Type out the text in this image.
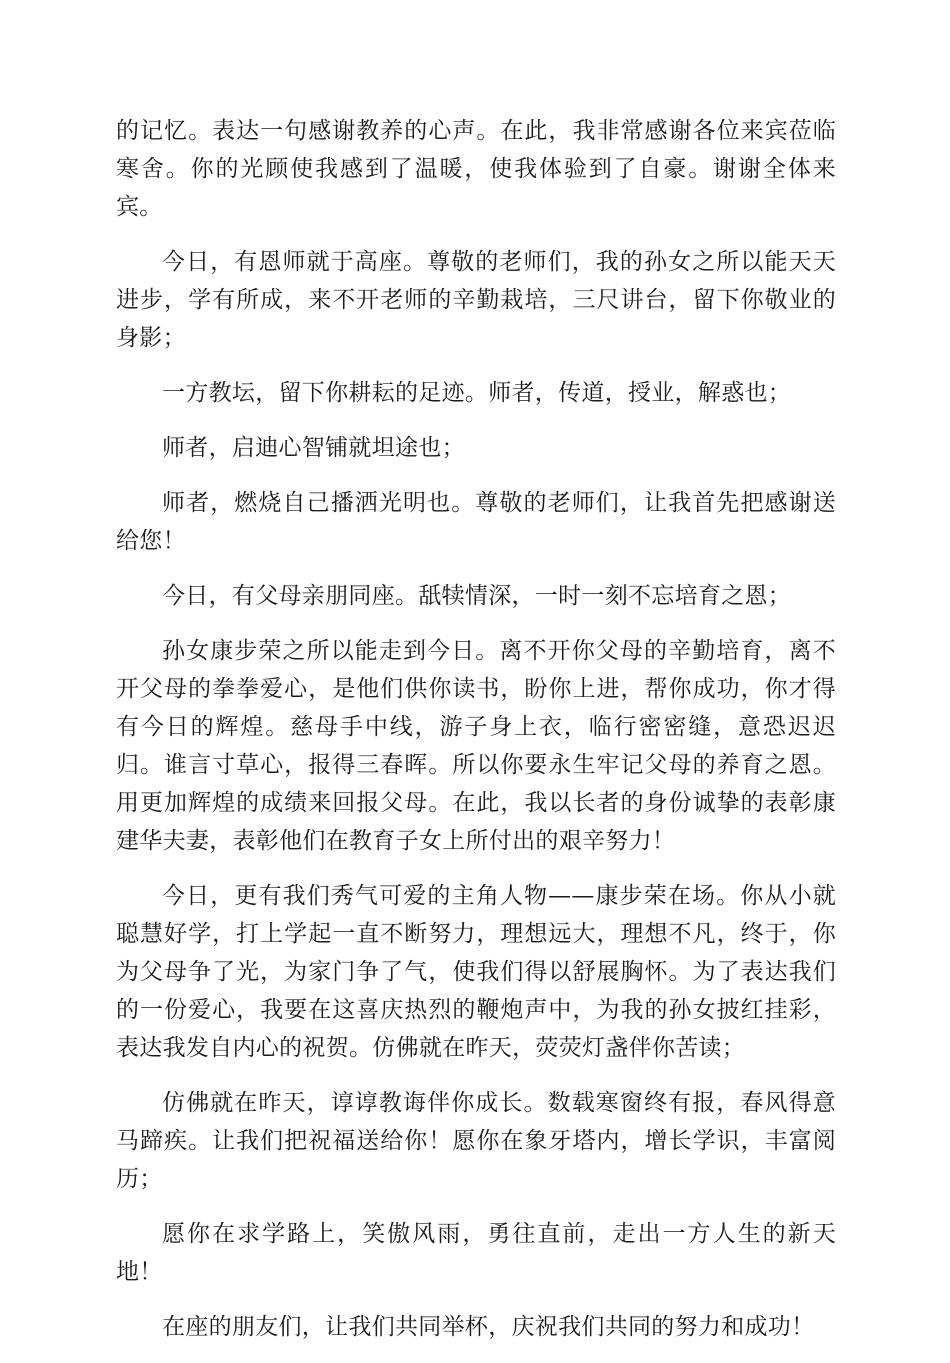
的记忆。表达一句感谢教养的心声。在此，我非常感谢各位来宾莅临寒舍。你的光顾使我感到了温暖，使我体验到了自豪。谢谢全体来宾。

今日，有恩师就于高座。尊敬的老师们，我的孙女之所以能天天进步，学有所成，来不开老师的辛勤栽培，三尺讲台，留下你敬业的身影；

一方教坛，留下你耕耘的足迹。师者，传道，授业，解惑也；

师者，启迪心智铺就坦途也；

师者，燃烧自己播洒光明也。尊敬的老师们，让我首先把感谢送给您！

今日，有父母亲朋同座。舐犊情深，一时一刻不忘培育之恩；

孙女康步荣之所以能走到今日。离不开你父母的辛勤培育，离不开父母的拳拳爱心，是他们供你读书，盼你上进，帮你成功，你才得有今日的辉煌。慈母手中线，游子身上衣，临行密密缝，意恐迟迟归。谁言寸草心，报得三春晖。所以你要永生牢记父母的养育之恩。用更加辉煌的成绩来回报父母。在此，我以长者的身份诚挚的表彰康建华夫妻，表彰他们在教育子女上所付出的艰辛努力！

今日，更有我们秀气可爱的主角人物——康步荣在场。你从小就聪慧好学，打上学起一直不断努力，理想远大，理想不凡，终于，你为父母争了光，为家门争了气，使我们得以舒展胸怀。为了表达我们的一份爱心，我要在这喜庆热烈的鞭炮声中，为我的孙女披红挂彩，表达我发自内心的祝贺。仿佛就在昨天，荧荧灯盏伴你苦读；

仿佛就在昨天，谆谆教诲伴你成长。数载寒窗终有报，春风得意马蹄疾。让我们把祝福送给你！愿你在象牙塔内，增长学识，丰富阅历；

愿你在求学路上，笑傲风雨，勇往直前，走出一方人生的新天地！

在座的朋友们，让我们共同举杯，庆祝我们共同的努力和成功！
